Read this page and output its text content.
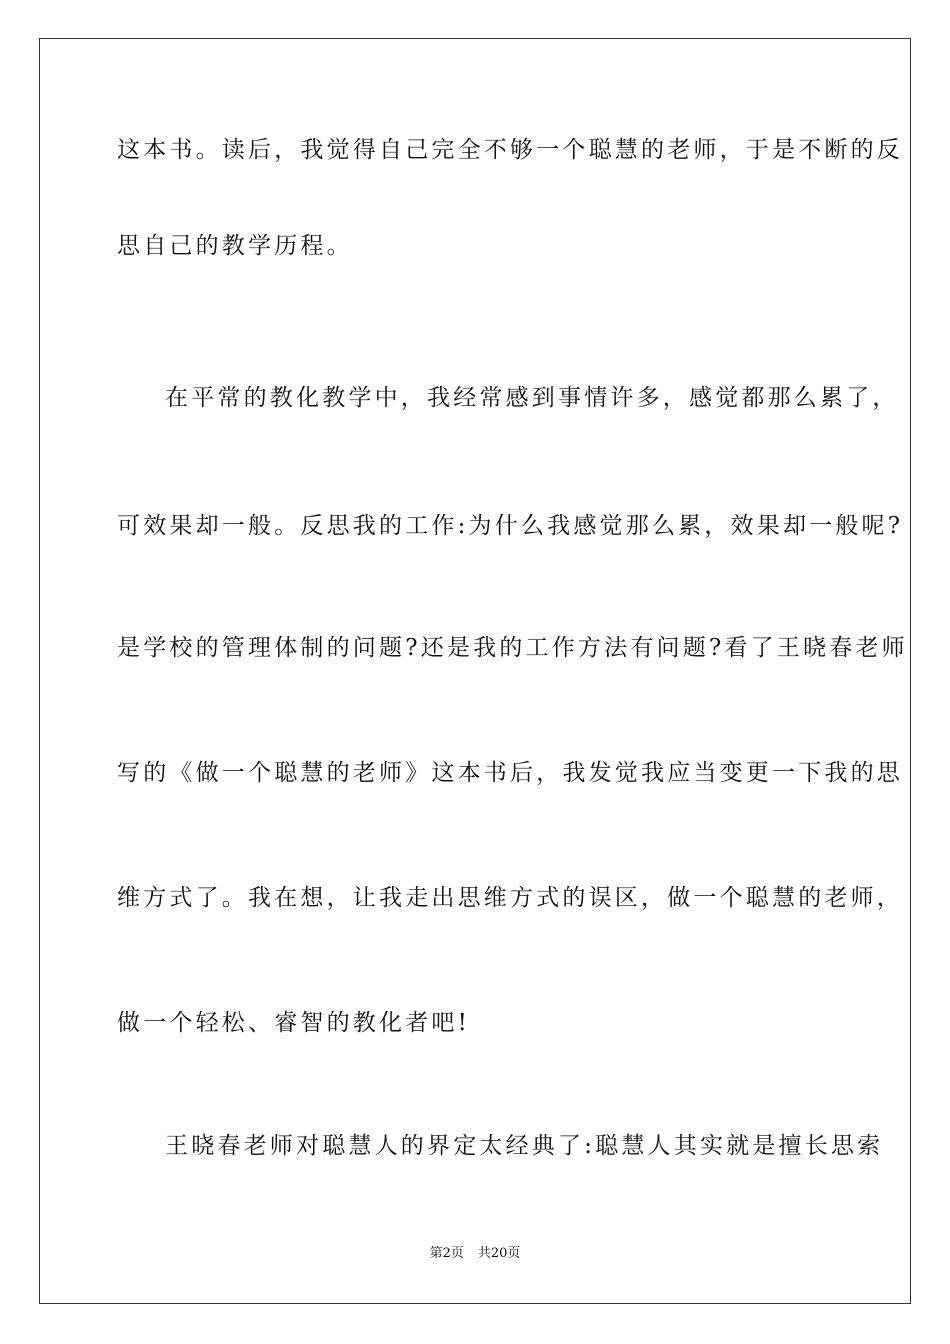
这本书。读后，我觉得自己完全不够一个聪慧的老师，于是不断的反
思自己的教学历程。
在平常的教化教学中，我经常感到事情许多，感觉都那么累了，
可效果却一般。反思我的工作:为什么我感觉那么累，效果却一般呢?
是学校的管理体制的问题?还是我的工作方法有问题?看了王晓春老师
写的《做一个聪慧的老师》这本书后，我发觉我应当变更一下我的思
维方式了。我在想，让我走出思维方式的误区，做一个聪慧的老师，
做一个轻松、睿智的教化者吧!
王晓春老师对聪慧人的界定太经典了:聪慧人其实就是擅长思索
第2页 共20页
